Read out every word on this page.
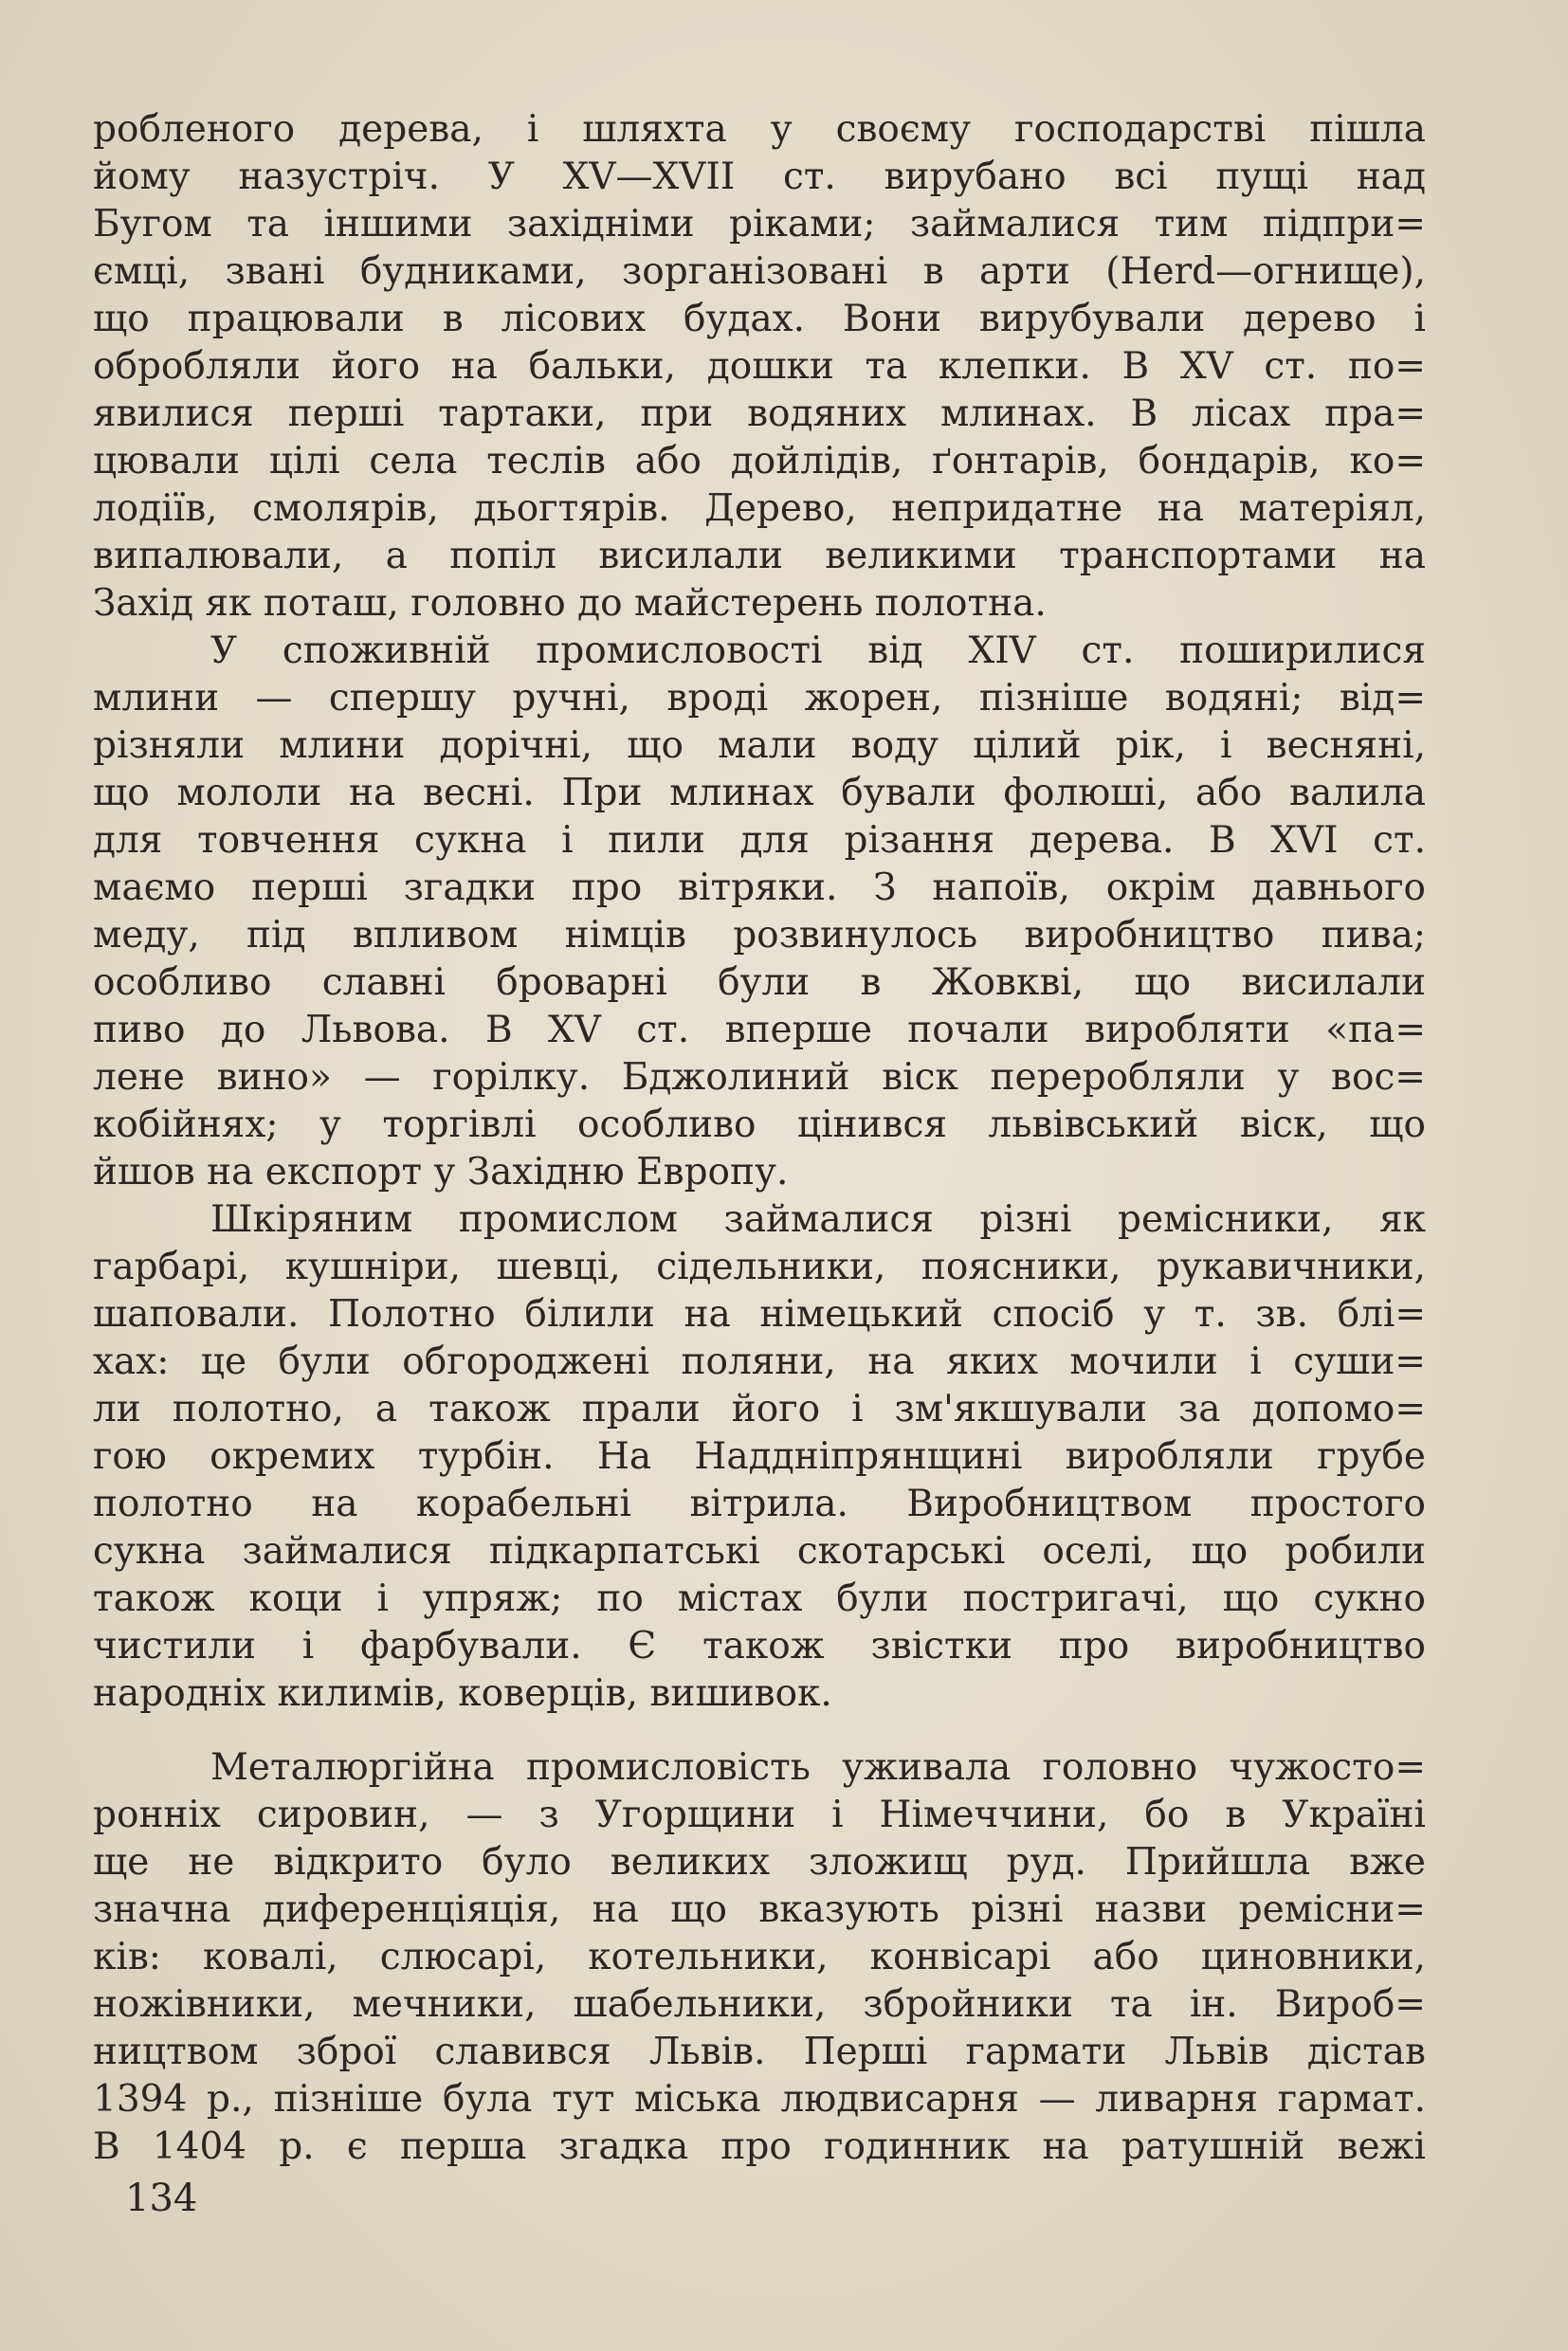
робленого дерева, і шляхта у своєму господарстві пішла
йому назустріч. У XV—XVII ст. вирубано всі пущі над
Бугом та іншими західніми ріками; займалися тим підпри=
ємці, звані будниками, зорганізовані в арти (Herd—огнище),
що працювали в лісових будах. Вони вирубували дерево і
обробляли його на бальки, дошки та клепки. В XV ст. по=
явилися перші тартаки, при водяних млинах. В лісах пра=
цювали цілі села теслів або дойлідів, ґонтарів, бондарів, ко=
лодіїв, смолярів, дьогтярів. Дерево, непридатне на матеріял,
випалювали, а попіл висилали великими транспортами на
Захід як поташ, головно до майстерень полотна.

У споживній промисловості від XIV ст. поширилися
млини — спершу ручні, вроді жорен, пізніше водяні; від=
різняли млини дорічні, що мали воду цілий рік, і весняні,
що мололи на весні. При млинах бували фолюші, або валила
для товчення сукна і пили для різання дерева. В XVI ст.
маємо перші згадки про вітряки. З напоїв, окрім давнього
меду, під впливом німців розвинулось виробництво пива;
особливо славні броварні були в Жовкві, що висилали
пиво до Львова. В XV ст. вперше почали виробляти «па=
лене вино» — горілку. Бджолиний віск переробляли у вос=
кобійнях; у торгівлі особливо цінився львівський віск, що
йшов на експорт у Західню Европу.

Шкіряним промислом займалися різні ремісники, як
гарбарі, кушніри, шевці, сідельники, поясники, рукавичники,
шаповали. Полотно білили на німецький спосіб у т. зв. блі=
хах: це були обгороджені поляни, на яких мочили і суши=
ли полотно, а також прали його і зм'якшували за допомо=
гою окремих турбін. На Наддніпрянщині виробляли грубе
полотно на корабельні вітрила. Виробництвом простого
сукна займалися підкарпатські скотарські оселі, що робили
також коци і упряж; по містах були постригачі, що сукно
чистили і фарбували. Є також звістки про виробництво
народніх килимів, коверців, вишивок.

Металюргійна промисловість уживала головно чужосто=
ронніх сировин, — з Угорщини і Німеччини, бо в Україні
ще не відкрито було великих зложищ руд. Прийшла вже
значна диференціяція, на що вказують різні назви ремісни=
ків: ковалі, слюсарі, котельники, конвісарі або циновники,
ножівники, мечники, шабельники, збройники та ін. Вироб=
ництвом зброї славився Львів. Перші гармати Львів дістав
1394 р., пізніше була тут міська людвисарня — ливарня гармат.
В 1404 р. є перша згадка про годинник на ратушній вежі

134
